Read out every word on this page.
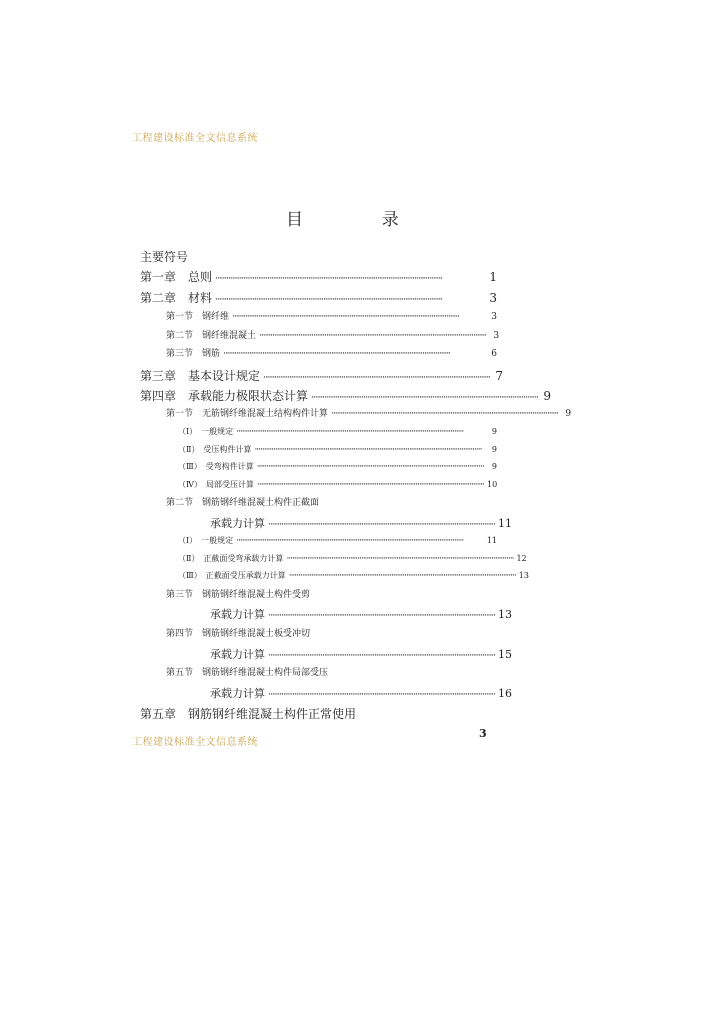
工程建设标准全文信息系统
目  录
主要符号
第一章　总则 ··························································································································	1
第二章　材料 ··························································································································	3
第一节　钢纤维 ··························································································································	3
第二节　钢纤维混凝土 ·························································································································· 3
第三节　钢筋 ··························································································································	6
第三章　基本设计规定 ·························································································································· 7
第四章　承载能力极限状态计算 ·························································································································· 9
第一节　无筋钢纤维混凝土结构构件计算 ·························································································································· 9
（Ⅰ）　一般规定 ··························································································································	9
（Ⅱ）　受压构件计算 ··························································································································	9
（Ⅲ）　受弯构件计算 ··························································································································	9
（Ⅳ）　局部受压计算 ·························································································································· 10
第二节　钢筋钢纤维混凝土构件正截面
承载力计算 ·························································································································· 11
（Ⅰ）　一般规定 ··························································································································	11
（Ⅱ）　正截面受弯承载力计算 ·························································································································· 12
（Ⅲ）　正截面受压承载力计算 ·························································································································· 13
第三节　钢筋钢纤维混凝土构件受剪
承载力计算 ·························································································································· 13
第四节　钢筋钢纤维混凝土板受冲切
承载力计算 ·························································································································· 15
第五节　钢筋钢纤维混凝土构件局部受压
承载力计算 ·························································································································· 16
第五章　钢筋钢纤维混凝土构件正常使用
工程建设标准全文信息系统
3
